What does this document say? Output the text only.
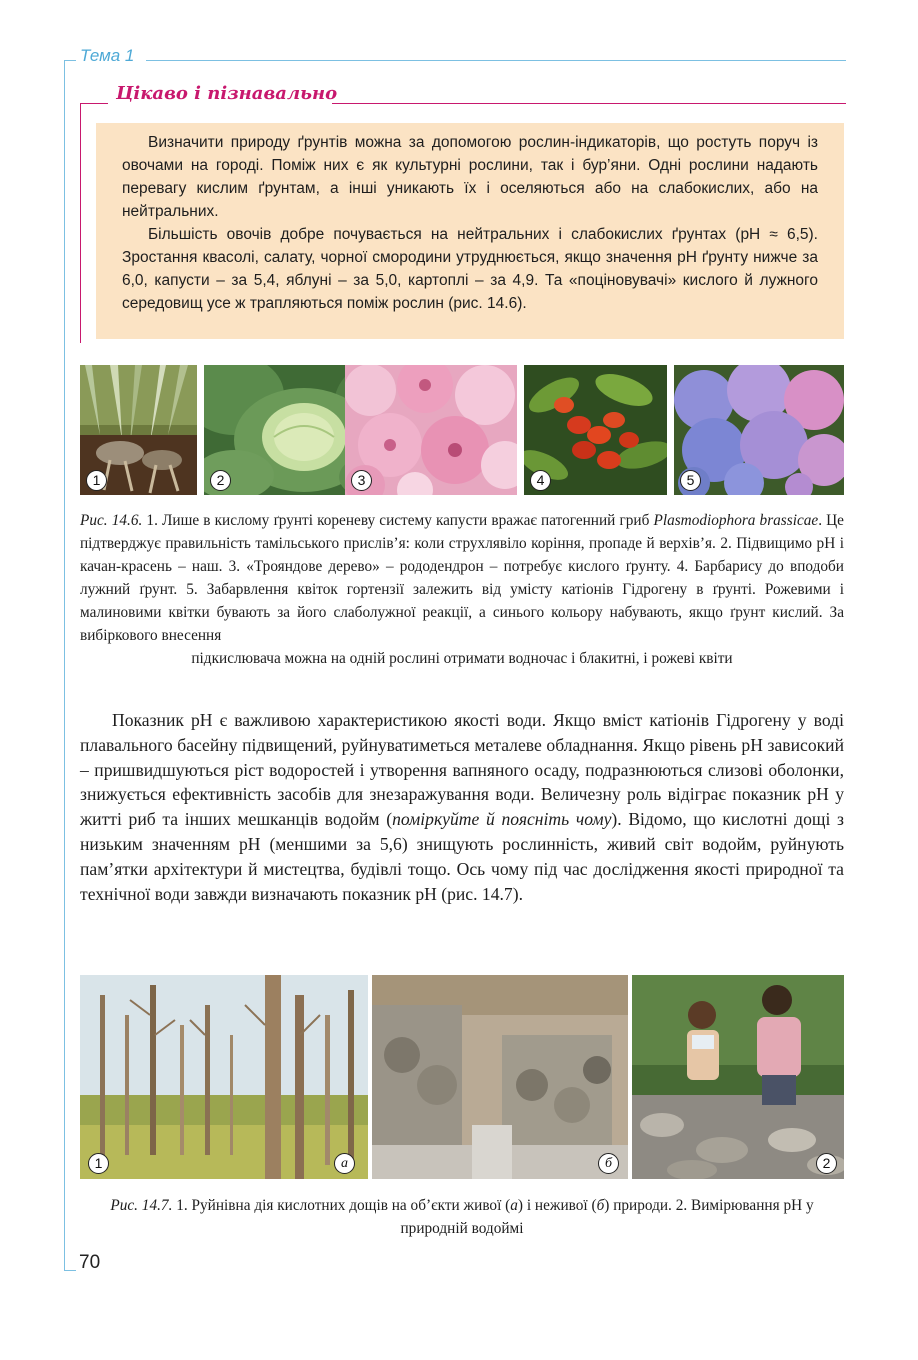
Тема 1
Цікаво і пізнавально

Визначити природу ґрунтів можна за допомогою рослин-індикаторів, що ростуть поруч із овочами на городі. Поміж них є як культурні рослини, так і бур’яни. Одні рослини надають перевагу кислим ґрунтам, а інші уникають їх і оселяються або на слабокислих, або на нейтральних.

Більшість овочів добре почувається на нейтральних і слабокислих ґрунтах (pH ≈ 6,5). Зростання квасолі, салату, чорної смородини утруднюється, якщо значення pH ґрунту нижче за 6,0, капусти – за 5,4, яблуні – за 5,0, картоплі – за 4,9. Та «поціновувачі» кислого й лужного середовищ усе ж трапляються поміж рослин (рис. 14.6).

1	2	3	4	5
Рис. 14.6. 1. Лише в кислому ґрунті кореневу систему капусти вражає патогенний гриб Plasmodiophora brassicae. Це підтверджує правильність тамільського прислів’я: коли струхлявіло коріння, пропаде й верхів’я. 2. Підвищимо pH і качан-красень – наш. 3. «Трояндове дерево» – рододендрон – потребує кислого ґрунту. 4. Барбарису до вподоби лужний ґрунт. 5. Забарвлення квіток гортензії залежить від умісту катіонів Гідрогену в ґрунті. Рожевими і малиновими квітки бувають за його слаболужної реакції, а синього кольору набувають, якщо ґрунт кислий. За вибіркового внесення
підкислювача можна на одній рослині отримати водночас і блакитні, і рожеві квіти

Показник pH є важливою характеристикою якості води. Якщо вміст катіонів Гідрогену у воді плавального басейну підвищений, руйнуватиметься металеве обладнання. Якщо рівень pH зависокий – пришвидшуються ріст водоростей і утворення вапняного осаду, подразнюються слизові оболонки, знижується ефективність засобів для знезаражування води. Величезну роль відіграє показник pH у житті риб та інших мешканців водойм (поміркуйте й поясніть чому). Відомо, що кислотні дощі з низьким значенням pH (меншими за 5,6) знищують рослинність, живий світ водойм, руйнують пам’ятки архітектури й мистецтва, будівлі тощо. Ось чому під час дослідження якості природної та технічної води завжди визначають показник pH (рис. 14.7).

1	а	б	2
Рис. 14.7. 1. Руйнівна дія кислотних дощів на об’єкти живої (а) і неживої (б) природи. 2. Вимірювання pH у природній водоймі
70
